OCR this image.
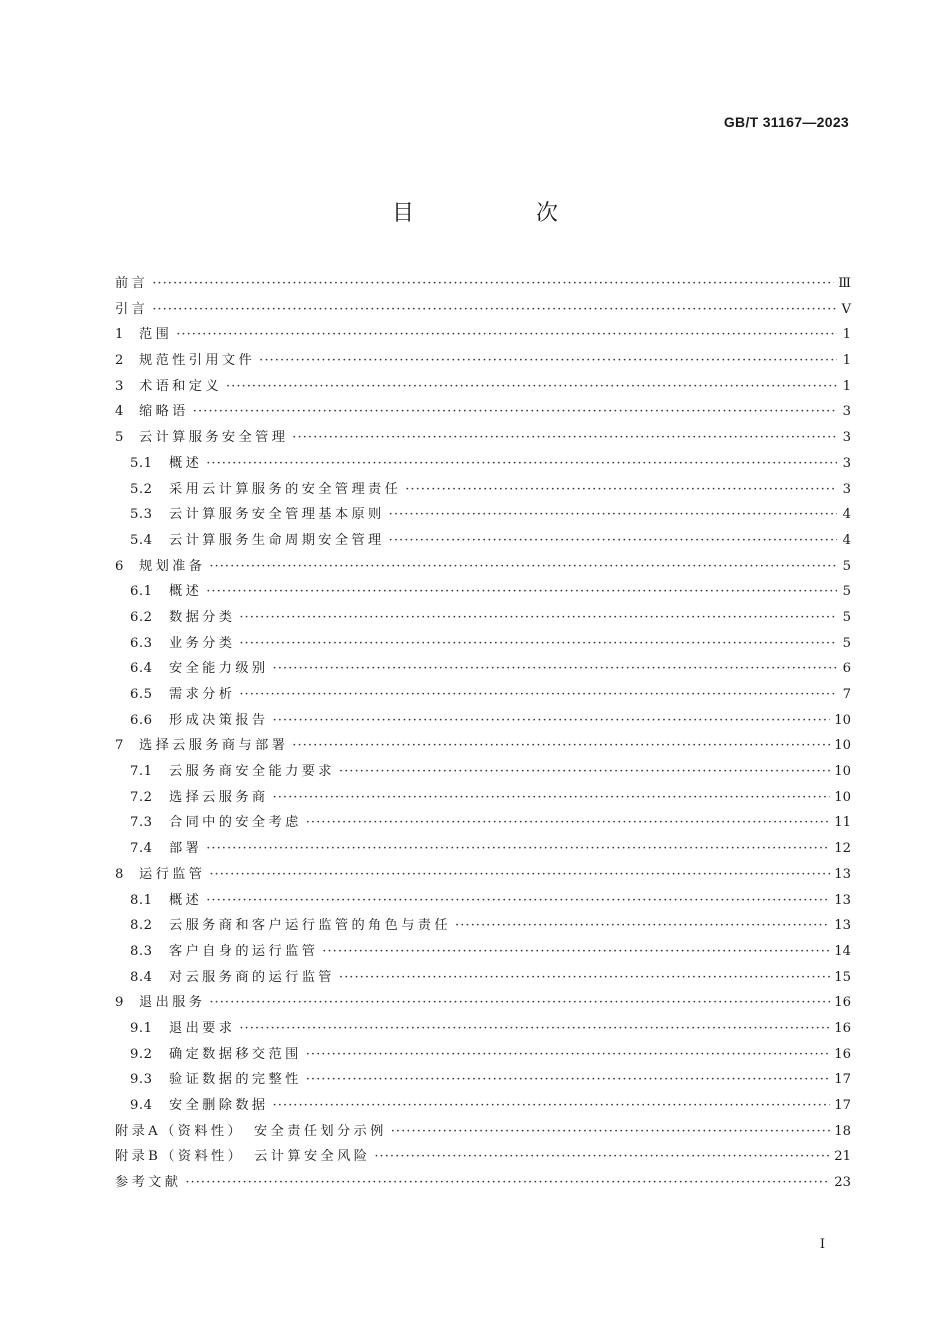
GB/T 31167—2023
目　次
前言 ·····	Ⅲ
引言 ·····	Ⅴ
1	范围 ·····	1
2	规范性引用文件 ·····	1
3	术语和定义 ·····	1
4	缩略语 ·····	3
5	云计算服务安全管理 ·····	3
5.1	概述 ·····	3
5.2	采用云计算服务的安全管理责任 ·····	3
5.3	云计算服务安全管理基本原则 ·····	4
5.4	云计算服务生命周期安全管理 ·····	4
6	规划准备 ·····	5
6.1	概述 ·····	5
6.2	数据分类 ·····	5
6.3	业务分类 ·····	5
6.4	安全能力级别 ·····	6
6.5	需求分析 ·····	7
6.6	形成决策报告 ·····	10
7	选择云服务商与部署 ·····	10
7.1	云服务商安全能力要求 ·····	10
7.2	选择云服务商 ·····	10
7.3	合同中的安全考虑 ·····	11
7.4	部署 ·····	12
8	运行监管 ·····	13
8.1	概述 ·····	13
8.2	云服务商和客户运行监管的角色与责任 ·····	13
8.3	客户自身的运行监管 ·····	14
8.4	对云服务商的运行监管 ·····	15
9	退出服务 ·····	16
9.1	退出要求 ·····	16
9.2	确定数据移交范围 ·····	16
9.3	验证数据的完整性 ·····	17
9.4	安全删除数据 ·····	17
附录A（资料性）　安全责任划分示例 ·····	18
附录B（资料性）　云计算安全风险 ·····	21
参考文献 ·····	23
Ⅰ
